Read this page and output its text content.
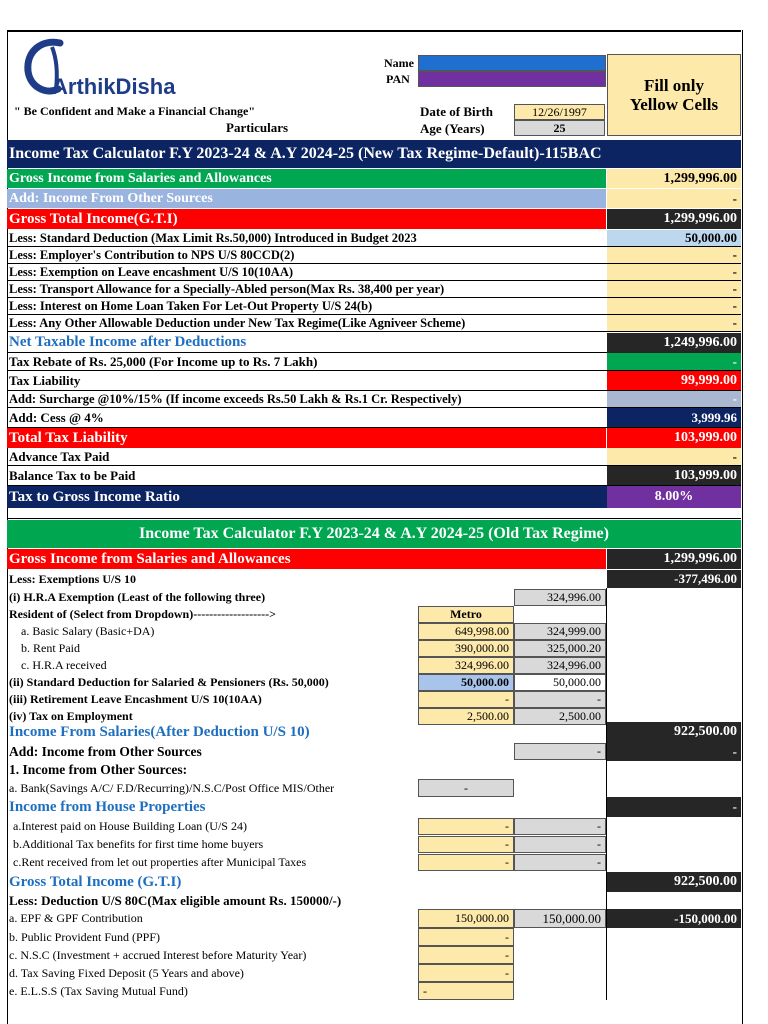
ArthikDisha
" Be Confident and Make a Financial Change"
Particulars
Name
PAN
Date of Birth	12/26/1997
Age (Years)	25
Fill only Yellow Cells
Income Tax Calculator F.Y 2023-24 & A.Y 2024-25 (New Tax Regime-Default)-115BAC
Gross Income from Salaries and Allowances	1,299,996.00
Add: Income From Other Sources	-
Gross Total Income(G.T.I)	1,299,996.00
Less: Standard Deduction (Max Limit Rs.50,000) Introduced in Budget 2023	50,000.00
Less: Employer's Contribution to NPS U/S 80CCD(2)	-
Less: Exemption on Leave encashment U/S 10(10AA)	-
Less: Transport Allowance for a Specially-Abled person(Max Rs. 38,400 per year)	-
Less: Interest on Home Loan Taken For Let-Out Property U/S 24(b)	-
Less: Any Other Allowable Deduction under New Tax Regime(Like Agniveer Scheme)	-
Net Taxable Income after Deductions	1,249,996.00
Tax Rebate of Rs. 25,000 (For Income up to Rs. 7 Lakh)	-
Tax Liability	99,999.00
Add: Surcharge @10%/15% (If income exceeds Rs.50 Lakh & Rs.1 Cr. Respectively)	-
Add: Cess @ 4%	3,999.96
Total Tax Liability	103,999.00
Advance Tax Paid	-
Balance Tax to be Paid	103,999.00
Tax to Gross Income Ratio	8.00%
Income Tax Calculator F.Y 2023-24 & A.Y 2024-25 (Old Tax Regime)
Gross Income from Salaries and Allowances	1,299,996.00
Less: Exemptions U/S 10	-377,496.00
(i) H.R.A Exemption (Least of the following three)	324,996.00
Resident of (Select from Dropdown)------------------->	Metro
a. Basic Salary (Basic+DA)	649,998.00	324,999.00
b. Rent Paid	390,000.00	325,000.20
c. H.R.A received	324,996.00	324,996.00
(ii) Standard Deduction for Salaried & Pensioners (Rs. 50,000)	50,000.00	50,000.00
(iii) Retirement Leave Encashment U/S 10(10AA)	-	-
(iv) Tax on Employment	2,500.00	2,500.00
Income From Salaries(After Deduction U/S 10)	922,500.00
Add: Income from Other Sources	-	-
1. Income from Other Sources:
a. Bank(Savings A/C/ F.D/Recurring)/N.S.C/Post Office MIS/Other	-
Income from House Properties	-
a.Interest paid on House Building Loan (U/S 24)	-	-
b.Additional Tax benefits for first time home buyers	-	-
c.Rent received from let out properties after Municipal Taxes	-	-
Gross Total Income (G.T.I)	922,500.00
Less: Deduction U/S 80C(Max eligible amount Rs. 150000/-)
a. EPF & GPF Contribution	150,000.00	150,000.00	-150,000.00
b. Public Provident Fund (PPF)	-
c. N.S.C (Investment + accrued Interest before Maturity Year)	-
d. Tax Saving Fixed Deposit (5 Years and above)	-
e. E.L.S.S (Tax Saving Mutual Fund)	-
